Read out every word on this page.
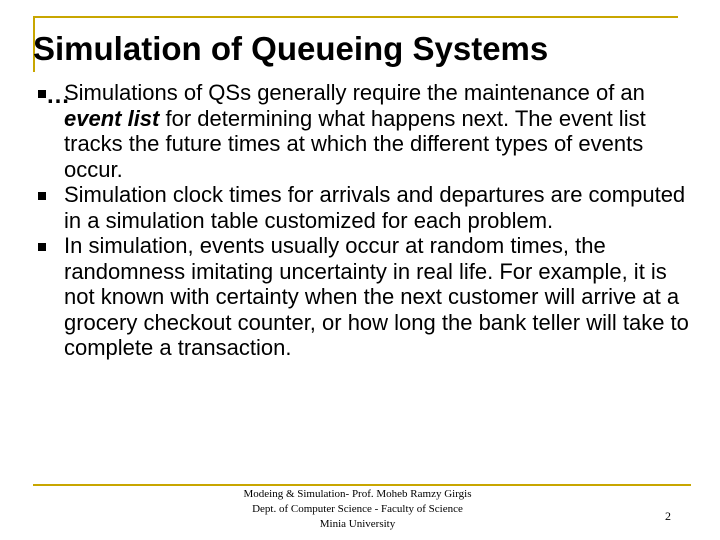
Simulation of Queueing Systems
…
Simulations of QSs generally require the maintenance of an event list for determining what happens next. The event list tracks the future times at which the different types of events occur.
Simulation clock times for arrivals and departures are computed in a simulation table customized for each problem.
In simulation, events usually occur at random times, the randomness imitating uncertainty in real life. For example, it is not known with certainty when the next customer will arrive at a grocery checkout counter, or how long the bank teller will take to complete a transaction.
Modeing & Simulation- Prof. Moheb Ramzy Girgis
Dept. of Computer Science - Faculty of Science
Minia University
2
